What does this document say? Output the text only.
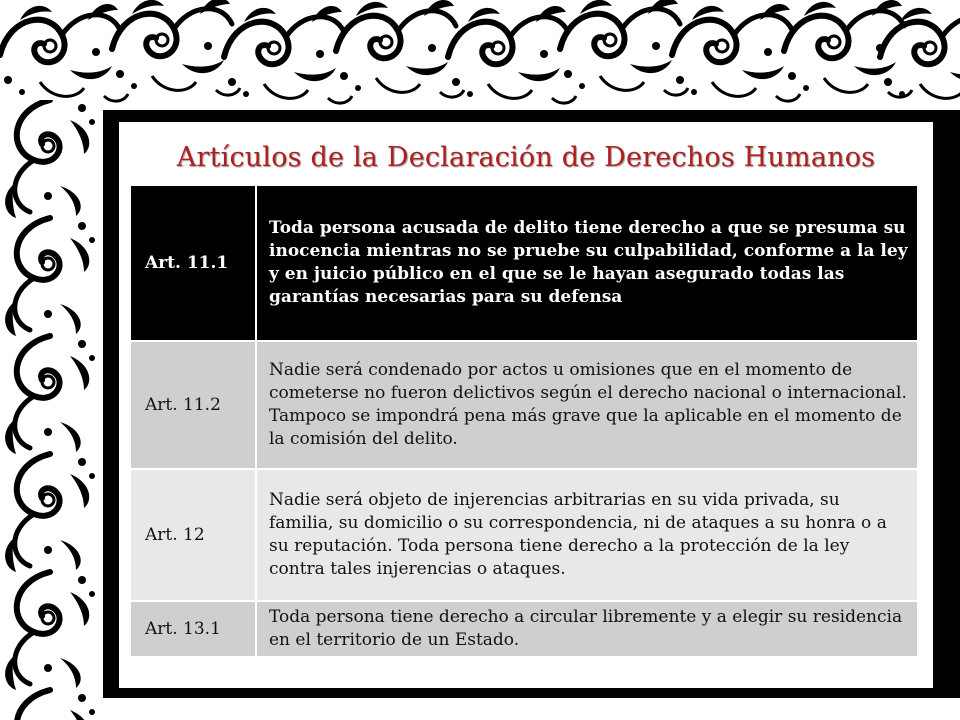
Artículos de la Declaración de Derechos Humanos
Art. 11.1	Toda persona acusada de delito tiene derecho a que se presuma su inocencia mientras no se pruebe su culpabilidad, conforme a la ley y en juicio público en el que se le hayan asegurado todas las garantías necesarias para su defensa
Art. 11.2	Nadie será condenado por actos u omisiones que en el momento de cometerse no fueron delictivos según el derecho nacional o internacional. Tampoco se impondrá pena más grave que la aplicable en el momento de la comisión del delito.
Art. 12	Nadie será objeto de injerencias arbitrarias en su vida privada, su familia, su domicilio o su correspondencia, ni de ataques a su honra o a su reputación. Toda persona tiene derecho a la protección de la ley contra tales injerencias o ataques.
Art. 13.1	Toda persona tiene derecho a circular libremente y a elegir su residencia en el territorio de un Estado.
